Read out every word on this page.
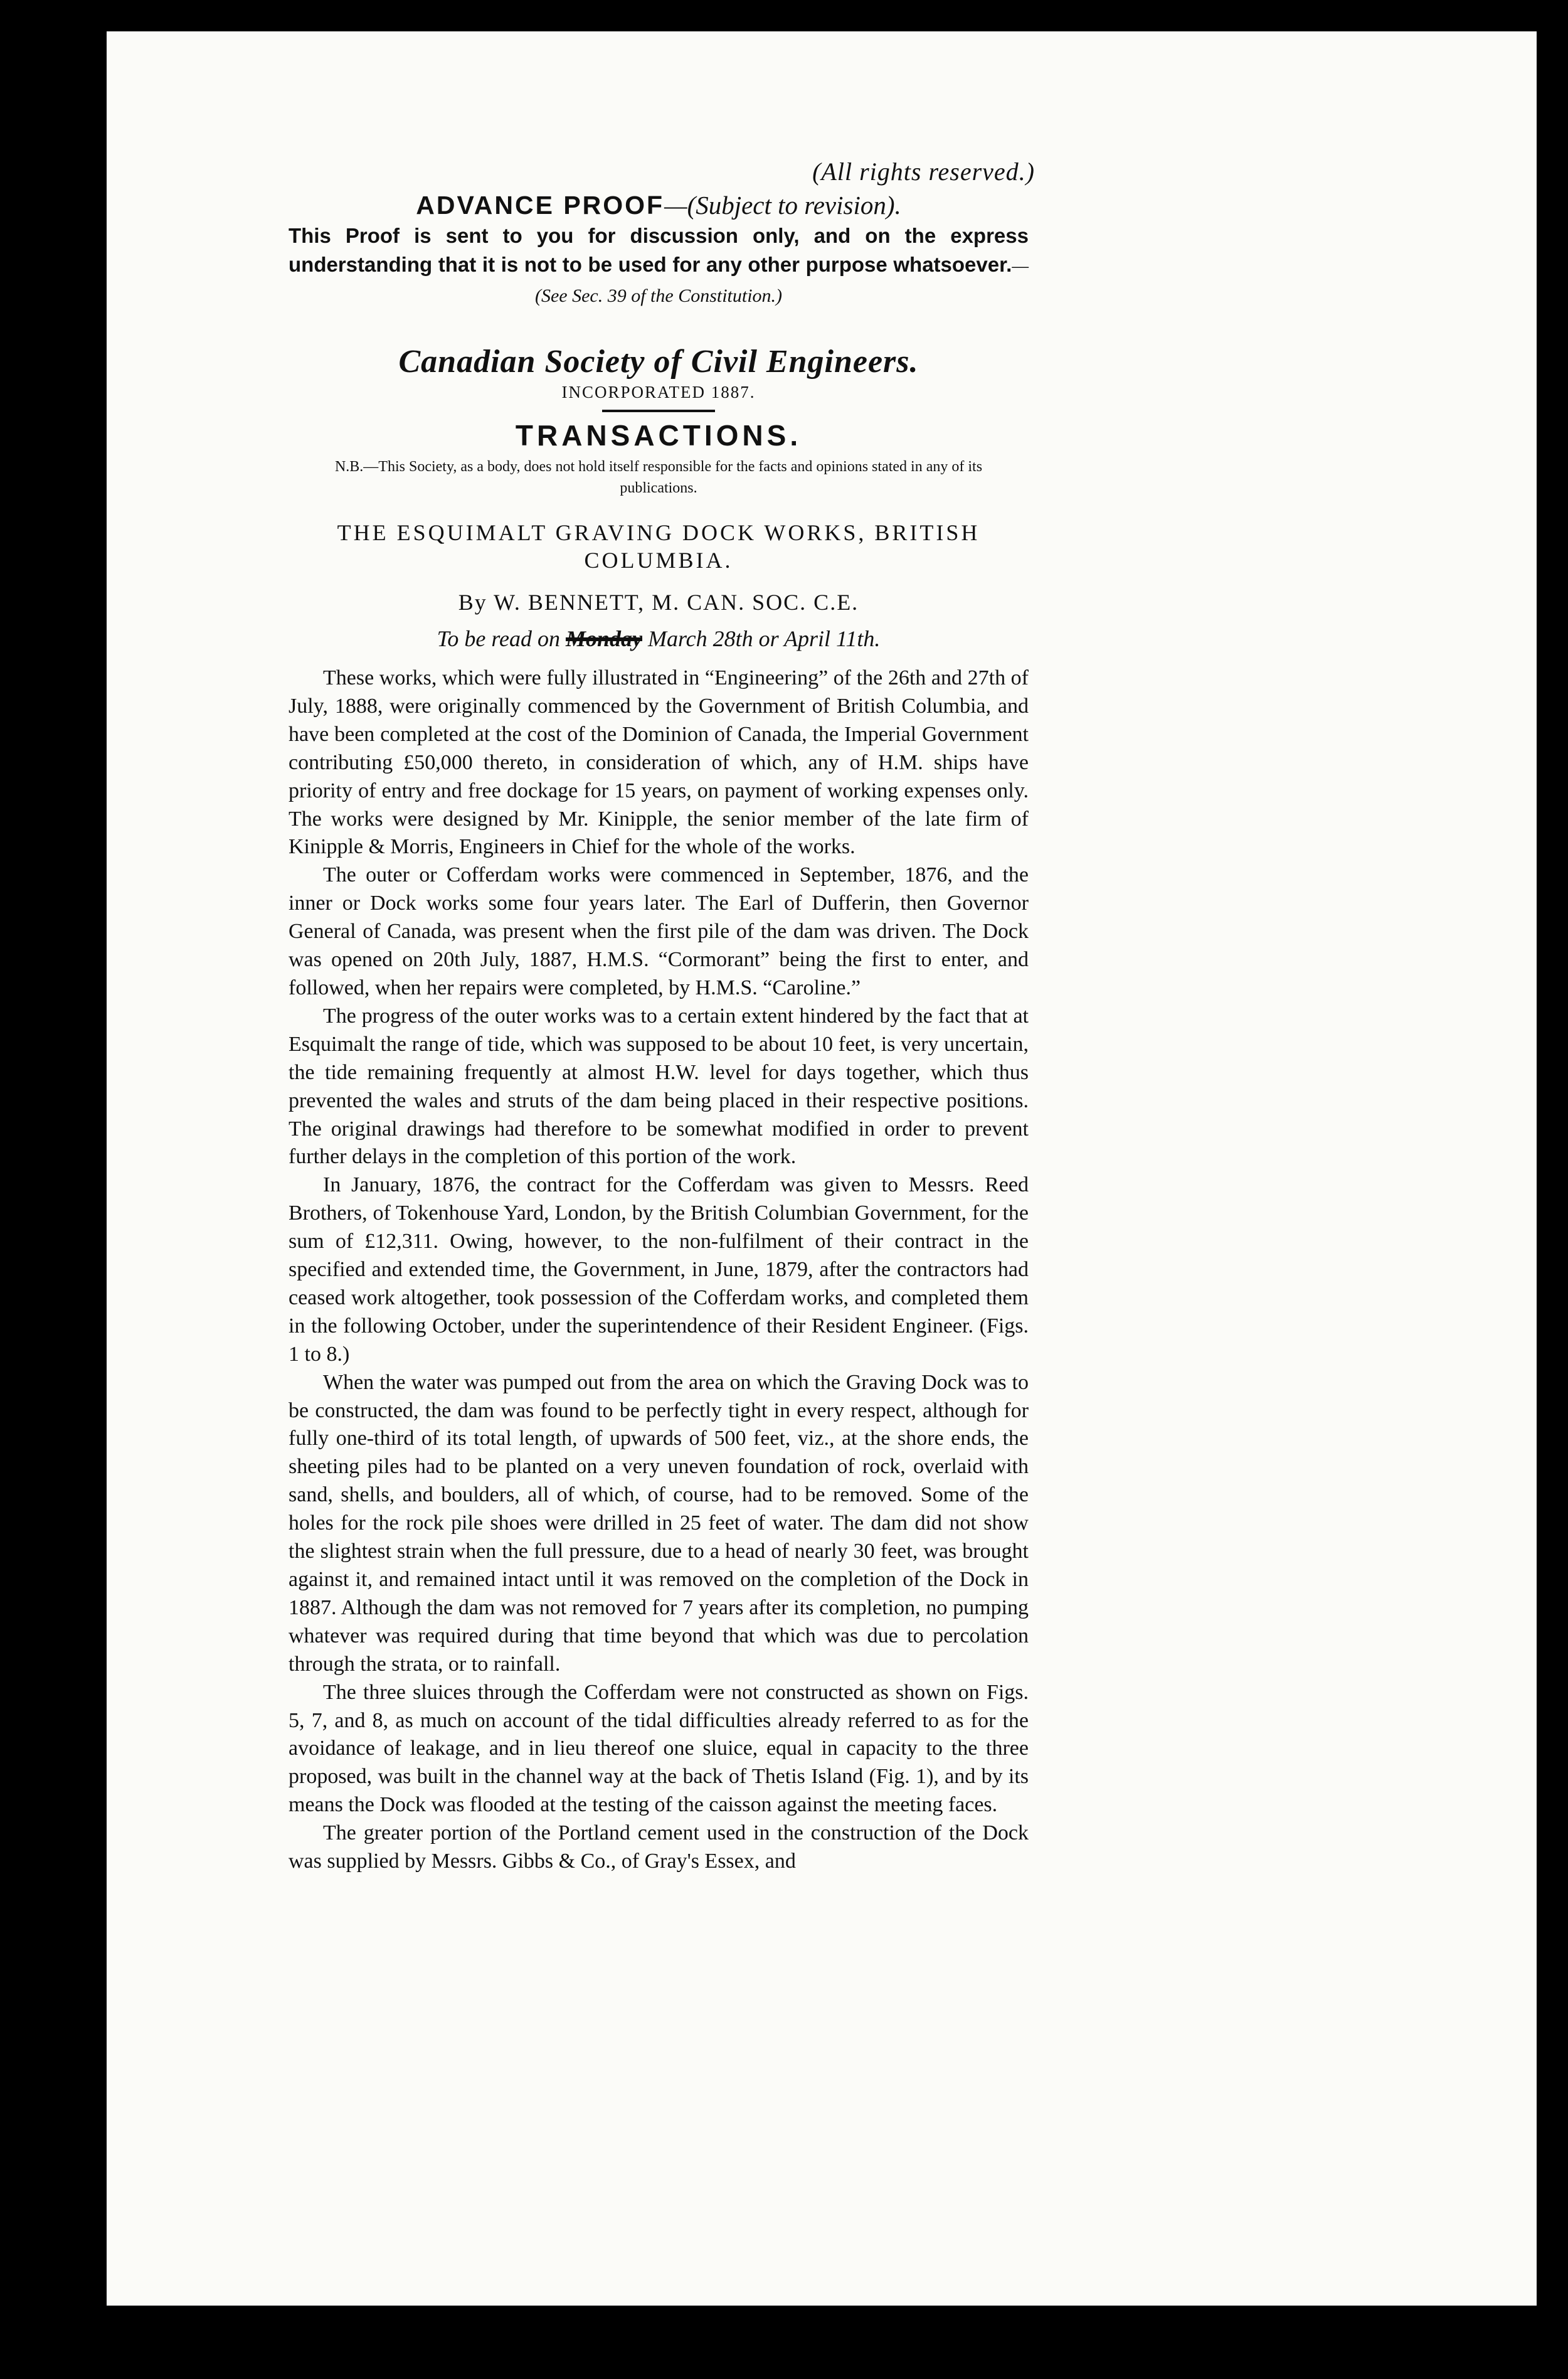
(All rights reserved.)
ADVANCE PROOF—(Subject to revision).
This Proof is sent to you for discussion only, and on the express understanding that it is not to be used for any other purpose whatsoever.—(See Sec. 39 of the Constitution.)
Canadian Society of Civil Engineers.
INCORPORATED 1887.
TRANSACTIONS.
N.B.—This Society, as a body, does not hold itself responsible for the facts and opinions stated in any of its publications.
THE ESQUIMALT GRAVING DOCK WORKS, BRITISH COLUMBIA.
By W. BENNETT, M. CAN. SOC. C.E.
To be read on Monday March 28th or April 11th.

These works, which were fully illustrated in “Engineering” of the 26th and 27th of July, 1888, were originally commenced by the Government of British Columbia, and have been completed at the cost of the Dominion of Canada, the Imperial Government contributing £50,000 thereto, in consideration of which, any of H.M. ships have priority of entry and free dockage for 15 years, on payment of working expenses only. The works were designed by Mr. Kinipple, the senior member of the late firm of Kinipple & Morris, Engineers in Chief for the whole of the works.

The outer or Cofferdam works were commenced in September, 1876, and the inner or Dock works some four years later. The Earl of Dufferin, then Governor General of Canada, was present when the first pile of the dam was driven. The Dock was opened on 20th July, 1887, H.M.S. “Cormorant” being the first to enter, and followed, when her repairs were completed, by H.M.S. “Caroline.”

The progress of the outer works was to a certain extent hindered by the fact that at Esquimalt the range of tide, which was supposed to be about 10 feet, is very uncertain, the tide remaining frequently at almost H.W. level for days together, which thus prevented the wales and struts of the dam being placed in their respective positions. The original drawings had therefore to be somewhat modified in order to prevent further delays in the completion of this portion of the work.

In January, 1876, the contract for the Cofferdam was given to Messrs. Reed Brothers, of Tokenhouse Yard, London, by the British Columbian Government, for the sum of £12,311. Owing, however, to the non-fulfilment of their contract in the specified and extended time, the Government, in June, 1879, after the contractors had ceased work altogether, took possession of the Cofferdam works, and completed them in the following October, under the superintendence of their Resident Engineer. (Figs. 1 to 8.)

When the water was pumped out from the area on which the Graving Dock was to be constructed, the dam was found to be perfectly tight in every respect, although for fully one-third of its total length, of upwards of 500 feet, viz., at the shore ends, the sheeting piles had to be planted on a very uneven foundation of rock, overlaid with sand, shells, and boulders, all of which, of course, had to be removed. Some of the holes for the rock pile shoes were drilled in 25 feet of water. The dam did not show the slightest strain when the full pressure, due to a head of nearly 30 feet, was brought against it, and remained intact until it was removed on the completion of the Dock in 1887. Although the dam was not removed for 7 years after its completion, no pumping whatever was required during that time beyond that which was due to percolation through the strata, or to rainfall.

The three sluices through the Cofferdam were not constructed as shown on Figs. 5, 7, and 8, as much on account of the tidal difficulties already referred to as for the avoidance of leakage, and in lieu thereof one sluice, equal in capacity to the three proposed, was built in the channel way at the back of Thetis Island (Fig. 1), and by its means the Dock was flooded at the testing of the caisson against the meeting faces.

The greater portion of the Portland cement used in the construction of the Dock was supplied by Messrs. Gibbs & Co., of Gray's Essex, and
